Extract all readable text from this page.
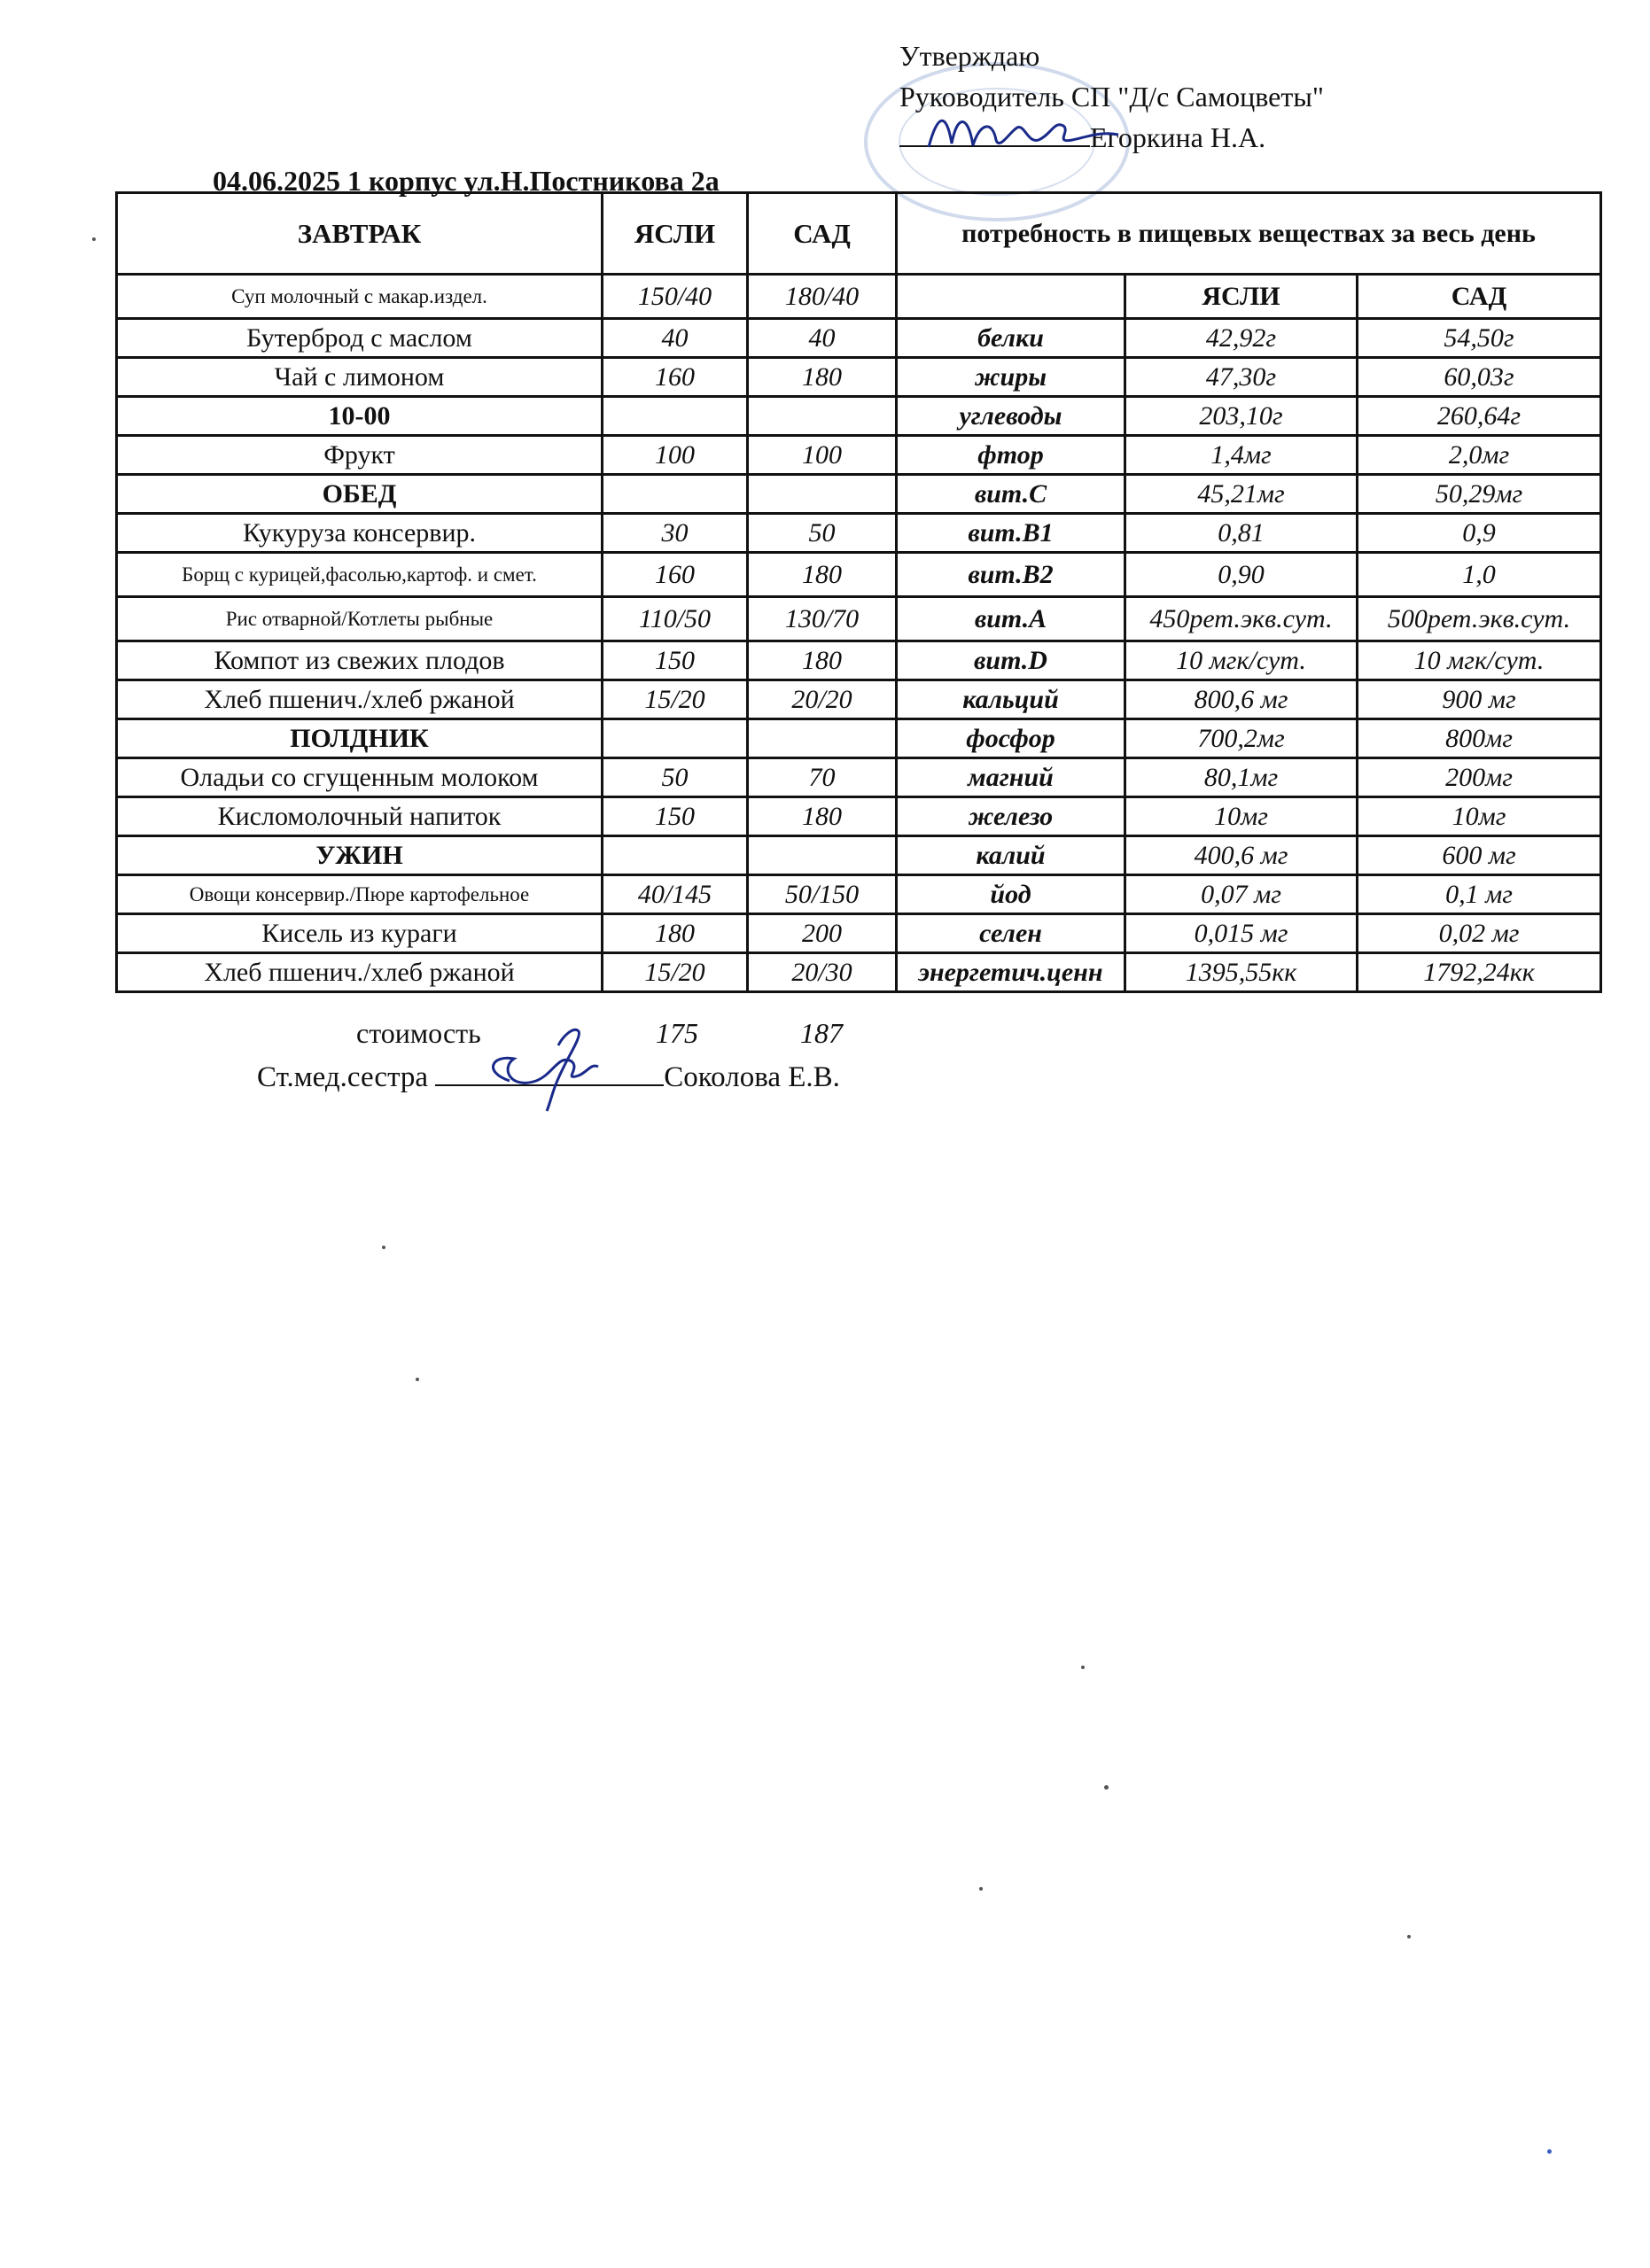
Утверждаю
Руководитель СП "Д/с Самоцветы"
Егоркина Н.А.
04.06.2025 1 корпус ул.Н.Постникова 2а
ЗАВТРАК	ЯСЛИ	САД	потребность в пищевых веществах за весь день		
Суп молочный с макар.издел.	150/40	180/40		ЯСЛИ	САД
Бутерброд с маслом	40	40	белки	42,92г	54,50г
Чай с лимоном	160	180	жиры	47,30г	60,03г
10-00			углеводы	203,10г	260,64г
Фрукт	100	100	фтор	1,4мг	2,0мг
ОБЕД			вит.С	45,21мг	50,29мг
Кукуруза консервир.	30	50	вит.В1	0,81	0,9
Борщ с курицей,фасолью,картоф. и смет.	160	180	вит.В2	0,90	1,0
Рис отварной/Котлеты рыбные	110/50	130/70	вит.А	450рет.экв.сут.	500рет.экв.сут.
Компот из свежих плодов	150	180	вит.D	10 мгк/сут.	10 мгк/сут.
Хлеб пшенич./хлеб ржаной	15/20	20/20	кальций	800,6 мг	900 мг
ПОЛДНИК			фосфор	700,2мг	800мг
Оладьи со сгущенным молоком	50	70	магний	80,1мг	200мг
Кисломолочный напиток	150	180	железо	10мг	10мг
УЖИН			калий	400,6 мг	600 мг
Овощи консервир./Пюре картофельное	40/145	50/150	йод	0,07 мг	0,1 мг
Кисель из кураги	180	200	селен	0,015 мг	0,02 мг
Хлеб пшенич./хлеб ржаной	15/20	20/30	энергетич.ценн	1395,55кк	1792,24кк
стоимость	175	187
Ст.мед.сестра	Соколова Е.В.
